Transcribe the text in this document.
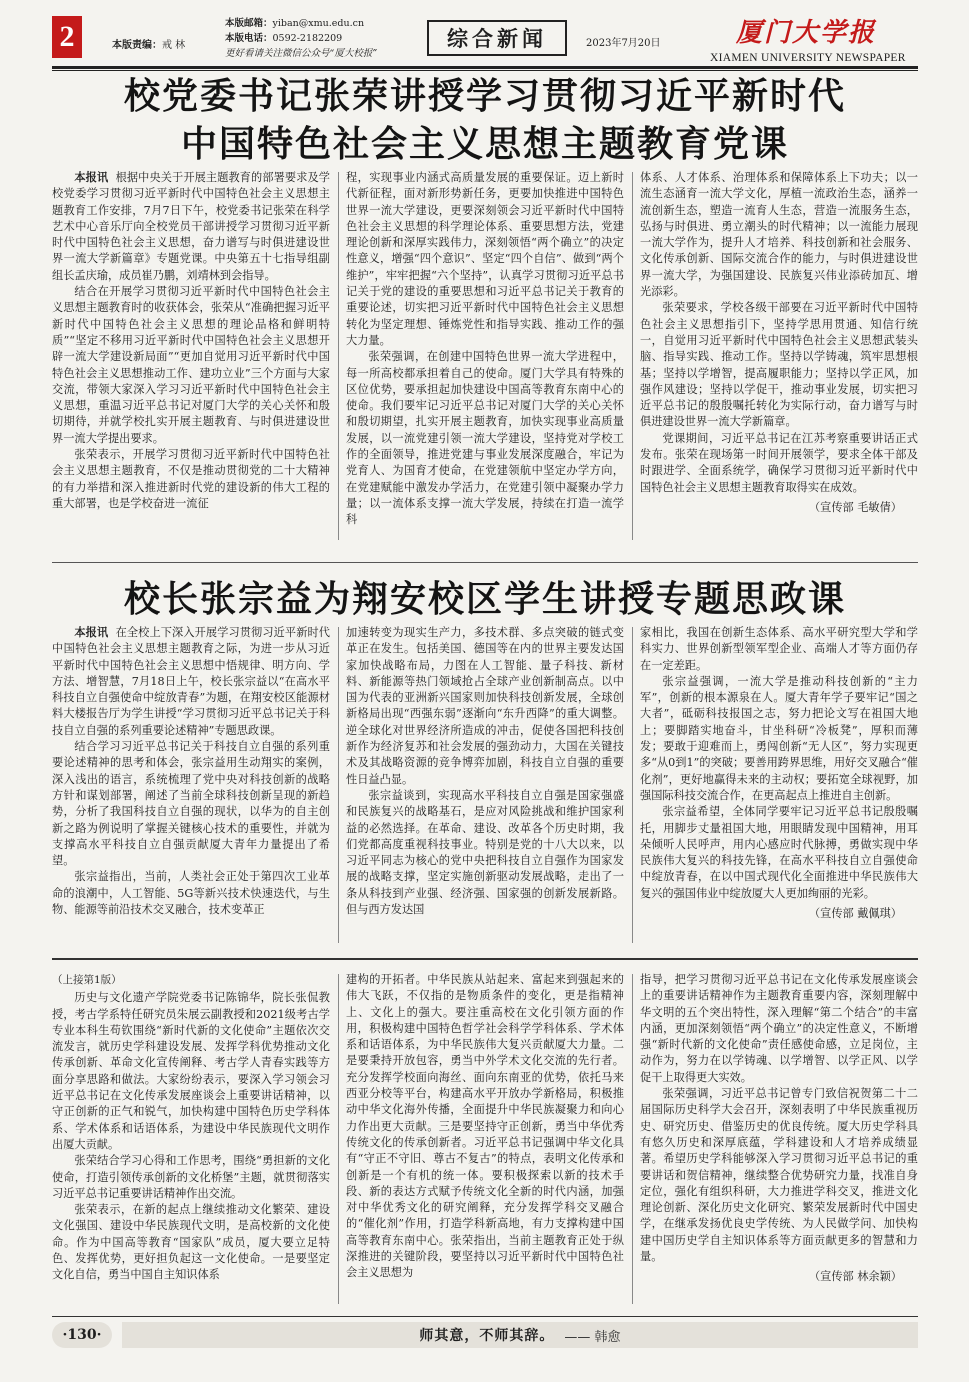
2	本版责编：戒 林
本版邮箱：yiban@xmu.edu.cn
本版电话：0592-2182209
更好看请关注微信公众号“厦大校报”
综合新闻	2023年7月20日	厦门大学报
XIAMEN UNIVERSITY NEWSPAPER
校党委书记张荣讲授学习贯彻习近平新时代
中国特色社会主义思想主题教育党课

本报讯 根据中央关于开展主题教育的部署要求及学校党委学习贯彻习近平新时代中国特色社会主义思想主题教育工作安排，7月7日下午，校党委书记张荣在科学艺术中心音乐厅向全校党员干部讲授学习贯彻习近平新时代中国特色社会主义思想，奋力谱写与时俱进建设世界一流大学新篇章》专题党课。中央第五十七指导组副组长孟庆瑜，成员崔乃鹏，刘靖林到会指导。

结合在开展学习贯彻习近平新时代中国特色社会主义思想主题教育时的收获体会，张荣从“准确把握习近平新时代中国特色社会主义思想的理论品格和鲜明特质”“坚定不移用习近平新时代中国特色社会主义思想开辟一流大学建设新局面”“更加自觉用习近平新时代中国特色社会主义思想推动工作、建功立业”三个方面与大家交流，带领大家深入学习习近平新时代中国特色社会主义思想，重温习近平总书记对厦门大学的关心关怀和殷切期待，并就学校扎实开展主题教育、与时俱进建设世界一流大学提出要求。

张荣表示，开展学习贯彻习近平新时代中国特色社会主义思想主题教育，不仅是推动贯彻党的二十大精神的有力举措和深入推进新时代党的建设新的伟大工程的重大部署，也是学校奋进一流征

程，实现事业内涵式高质量发展的重要保证。迈上新时代新征程，面对新形势新任务，更要加快推进中国特色世界一流大学建设，更要深刻领会习近平新时代中国特色社会主义思想的科学理论体系、重要思想方法，党建理论创新和深厚实践伟力，深刻领悟“两个确立”的决定性意义，增强“四个意识”、坚定“四个自信”、做到“两个维护”，牢牢把握“六个坚持”，认真学习贯彻习近平总书记关于党的建设的重要思想和习近平总书记关于教育的重要论述，切实把习近平新时代中国特色社会主义思想转化为坚定理想、锤炼党性和指导实践、推动工作的强大力量。

张荣强调，在创建中国特色世界一流大学进程中，每一所高校都承担着自己的使命。厦门大学具有特殊的区位优势，要承担起加快建设中国高等教育东南中心的使命。我们要牢记习近平总书记对厦门大学的关心关怀和殷切期望，扎实开展主题教育，加快实现事业高质量发展，以一流党建引领一流大学建设，坚持党对学校工作的全面领导，推进党建与事业发展深度融合，牢记为党育人、为国育才使命，在党建领航中坚定办学方向，在党建赋能中激发办学活力，在党建引领中凝聚办学力量；以一流体系支撑一流大学发展，持续在打造一流学科

体系、人才体系、治理体系和保障体系上下功夫；以一流生态涵育一流大学文化，厚植一流政治生态，涵养一流创新生态，塑造一流育人生态，营造一流服务生态，弘扬与时俱进、勇立潮头的时代精神；以一流能力展现一流大学作为，提升人才培养、科技创新和社会服务、文化传承创新、国际交流合作的能力，与时俱进建设世界一流大学，为强国建设、民族复兴伟业添砖加瓦、增光添彩。

张荣要求，学校各级干部要在习近平新时代中国特色社会主义思想指引下，坚持学思用贯通、知信行统一，自觉用习近平新时代中国特色社会主义思想武装头脑、指导实践、推动工作。坚持以学铸魂，筑牢思想根基；坚持以学增智，提高履职能力；坚持以学正风，加强作风建设；坚持以学促干，推动事业发展，切实把习近平总书记的殷殷嘱托转化为实际行动，奋力谱写与时俱进建设世界一流大学新篇章。

党课期间，习近平总书记在江苏考察重要讲话正式发布。张荣在现场第一时间开展领学，要求全体干部及时跟进学、全面系统学，确保学习贯彻习近平新时代中国特色社会主义思想主题教育取得实在成效。

（宣传部 毛敏倩）
校长张宗益为翔安校区学生讲授专题思政课

本报讯 在全校上下深入开展学习贯彻习近平新时代中国特色社会主义思想主题教育之际，为进一步从习近平新时代中国特色社会主义思想中悟规律、明方向、学方法、增智慧，7月18日上午，校长张宗益以“在高水平科技自立自强使命中绽放青春”为题，在翔安校区能源材料大楼报告厅为学生讲授“学习贯彻习近平总书记关于科技自立自强的系列重要论述精神”专题思政课。

结合学习习近平总书记关于科技自立自强的系列重要论述精神的思考和体会，张宗益用生动翔实的案例，深入浅出的语言，系统梳理了党中央对科技创新的战略方针和谋划部署，阐述了当前全球科技创新呈现的新趋势，分析了我国科技自立自强的现状，以华为的自主创新之路为例说明了掌握关键核心技术的重要性，并就为支撑高水平科技自立自强贡献厦大青年力量提出了希望。

张宗益指出，当前，人类社会正处于第四次工业革命的浪潮中，人工智能、5G等新兴技术快速迭代，与生物、能源等前沿技术交叉融合，技术变革正

加速转变为现实生产力，多技术群、多点突破的链式变革正在发生。包括美国、德国等在内的世界主要发达国家加快战略布局，力图在人工智能、量子科技、新材料、新能源等热门领域抢占全球产业创新制高点。以中国为代表的亚洲新兴国家则加快科技创新发展，全球创新格局出现“西强东弱”逐渐向“东升西降”的重大调整。逆全球化对世界经济所造成的冲击，促使各国把科技创新作为经济复苏和社会发展的强劲动力，大国在关键技术及其战略资源的竞争博弈加剧，科技自立自强的重要性日益凸显。

张宗益谈到，实现高水平科技自立自强是国家强盛和民族复兴的战略基石，是应对风险挑战和维护国家利益的必然选择。在革命、建设、改革各个历史时期，我们党都高度重视科技事业。特别是党的十八大以来，以习近平同志为核心的党中央把科技自立自强作为国家发展的战略支撑，坚定实施创新驱动发展战略，走出了一条从科技到产业强、经济强、国家强的创新发展新路。但与西方发达国

家相比，我国在创新生态体系、高水平研究型大学和学科实力、世界创新型领军型企业、高端人才等方面仍存在一定差距。

张宗益强调，一流大学是推动科技创新的“主力军”，创新的根本源泉在人。厦大青年学子要牢记“国之大者”，砥砺科技报国之志，努力把论文写在祖国大地上；要脚踏实地奋斗，甘坐科研“冷板凳”，厚积而薄发；要敢于迎难而上，勇闯创新“无人区”，努力实现更多“从0到1”的突破；要善用跨界思维，用好交叉融合“催化剂”，更好地赢得未来的主动权；要拓宽全球视野，加强国际科技交流合作，在更高起点上推进自主创新。

张宗益希望，全体同学要牢记习近平总书记殷殷嘱托，用脚步丈量祖国大地，用眼睛发现中国精神，用耳朵倾听人民呼声，用内心感应时代脉搏，勇做实现中华民族伟大复兴的科技先锋，在高水平科技自立自强使命中绽放青春，在以中国式现代化全面推进中华民族伟大复兴的强国伟业中绽放厦大人更加绚丽的光彩。

（宣传部 戴佩琪）
（上接第1版）

历史与文化遗产学院党委书记陈锦华，院长张侃教授，考古学系特任研究员朱展云副教授和2021级考古学专业本科生苟钦围绕“新时代新的文化使命”主题依次交流发言，就历史学科建设发展、发挥学科优势推动文化传承创新、革命文化宣传阐释、考古学人青春实践等方面分享思路和做法。大家纷纷表示，要深入学习领会习近平总书记在文化传承发展座谈会上重要讲话精神，以守正创新的正气和锐气，加快构建中国特色历史学科体系、学术体系和话语体系，为建设中华民族现代文明作出厦大贡献。

张荣结合学习心得和工作思考，围绕“勇担新的文化使命，打造引领传承创新的文化桥堡”主题，就贯彻落实习近平总书记重要讲话精神作出交流。

张荣表示，在新的起点上继续推动文化繁荣、建设文化强国、建设中华民族现代文明，是高校新的文化使命。作为中国高等教育“国家队”成员，厦大要立足特色、发挥优势，更好担负起这一文化使命。一是要坚定文化自信，勇当中国自主知识体系

建构的开拓者。中华民族从站起来、富起来到强起来的伟大飞跃，不仅指的是物质条件的变化，更是指精神上、文化上的强大。要注重高校在文化引领方面的作用，积极构建中国特色哲学社会科学学科体系、学术体系和话语体系，为中华民族伟大复兴贡献厦大力量。二是要秉持开放包容，勇当中外学术文化交流的先行者。充分发挥学校面向海丝、面向东南亚的优势，依托马来西亚分校等平台，构建高水平开放办学新格局，积极推动中华文化海外传播，全面提升中华民族凝聚力和向心力作出更大贡献。三是要坚持守正创新，勇当中华优秀传统文化的传承创新者。习近平总书记强调中华文化具有“守正不守旧、尊古不复古”的特点，表明文化传承和创新是一个有机的统一体。要积极探索以新的技术手段、新的表达方式赋予传统文化全新的时代内涵，加强对中华优秀文化的研究阐释，充分发挥学科交叉融合的“催化剂”作用，打造学科新高地，有力支撑构建中国高等教育东南中心。张荣指出，当前主题教育正处于纵深推进的关键阶段，要坚持以习近平新时代中国特色社会主义思想为

指导，把学习贯彻习近平总书记在文化传承发展座谈会上的重要讲话精神作为主题教育重要内容，深刻理解中华文明的五个突出特性，深入理解“第二个结合”的丰富内涵，更加深刻领悟“两个确立”的决定性意义，不断增强“新时代新的文化使命”责任感使命感，立足岗位，主动作为，努力在以学铸魂、以学增智、以学正风、以学促干上取得更大实效。

张荣强调，习近平总书记曾专门致信祝贺第二十二届国际历史科学大会召开，深刻表明了中华民族重视历史、研究历史、借鉴历史的优良传统。厦大历史学科具有悠久历史和深厚底蕴，学科建设和人才培养成绩显著。希望历史学科能够深入学习贯彻习近平总书记的重要讲话和贺信精神，继续整合优势研究力量，找准自身定位，强化有组织科研，大力推进学科交叉，推进文化理论创新、深化历史文化研究、繁荣发展新时代中国史学，在继承发扬优良史学传统、为人民做学问、加快构建中国历史学自主知识体系等方面贡献更多的智慧和力量。

（宣传部 林余颖）
·130·	师其意，不师其辞。 —— 韩愈
